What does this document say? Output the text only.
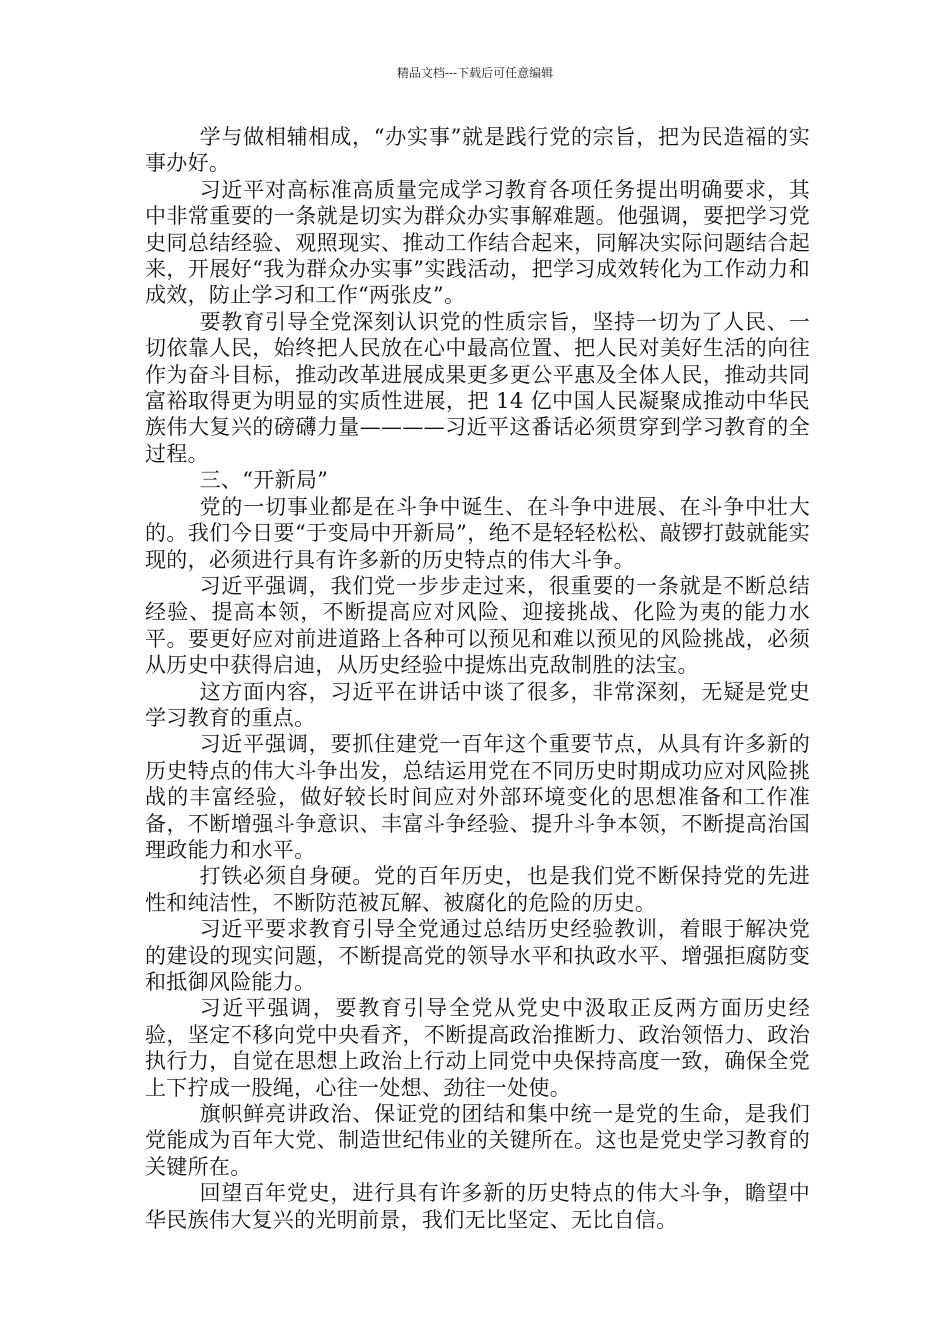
精品文档---下载后可任意编辑

学与做相辅相成，“办实事”就是践行党的宗旨，把为民造福的实事办好。

习近平对高标准高质量完成学习教育各项任务提出明确要求，其中非常重要的一条就是切实为群众办实事解难题。他强调，要把学习党史同总结经验、观照现实、推动工作结合起来，同解决实际问题结合起来，开展好“我为群众办实事”实践活动，把学习成效转化为工作动力和成效，防止学习和工作“两张皮”。

要教育引导全党深刻认识党的性质宗旨，坚持一切为了人民、一切依靠人民，始终把人民放在心中最高位置、把人民对美好生活的向往作为奋斗目标，推动改革进展成果更多更公平惠及全体人民，推动共同富裕取得更为明显的实质性进展，把 14 亿中国人民凝聚成推动中华民族伟大复兴的磅礴力量————习近平这番话必须贯穿到学习教育的全过程。

三、“开新局”

党的一切事业都是在斗争中诞生、在斗争中进展、在斗争中壮大的。我们今日要“于变局中开新局”，绝不是轻轻松松、敲锣打鼓就能实现的，必须进行具有许多新的历史特点的伟大斗争。

习近平强调，我们党一步步走过来，很重要的一条就是不断总结经验、提高本领，不断提高应对风险、迎接挑战、化险为夷的能力水平。要更好应对前进道路上各种可以预见和难以预见的风险挑战，必须从历史中获得启迪，从历史经验中提炼出克敌制胜的法宝。

这方面内容，习近平在讲话中谈了很多，非常深刻，无疑是党史学习教育的重点。

习近平强调，要抓住建党一百年这个重要节点，从具有许多新的历史特点的伟大斗争出发，总结运用党在不同历史时期成功应对风险挑战的丰富经验，做好较长时间应对外部环境变化的思想准备和工作准备，不断增强斗争意识、丰富斗争经验、提升斗争本领，不断提高治国理政能力和水平。

打铁必须自身硬。党的百年历史，也是我们党不断保持党的先进性和纯洁性，不断防范被瓦解、被腐化的危险的历史。

习近平要求教育引导全党通过总结历史经验教训，着眼于解决党的建设的现实问题，不断提高党的领导水平和执政水平、增强拒腐防变和抵御风险能力。

习近平强调，要教育引导全党从党史中汲取正反两方面历史经验，坚定不移向党中央看齐，不断提高政治推断力、政治领悟力、政治执行力，自觉在思想上政治上行动上同党中央保持高度一致，确保全党上下拧成一股绳，心往一处想、劲往一处使。

旗帜鲜亮讲政治、保证党的团结和集中统一是党的生命，是我们党能成为百年大党、制造世纪伟业的关键所在。这也是党史学习教育的关键所在。

回望百年党史，进行具有许多新的历史特点的伟大斗争，瞻望中华民族伟大复兴的光明前景，我们无比坚定、无比自信。
